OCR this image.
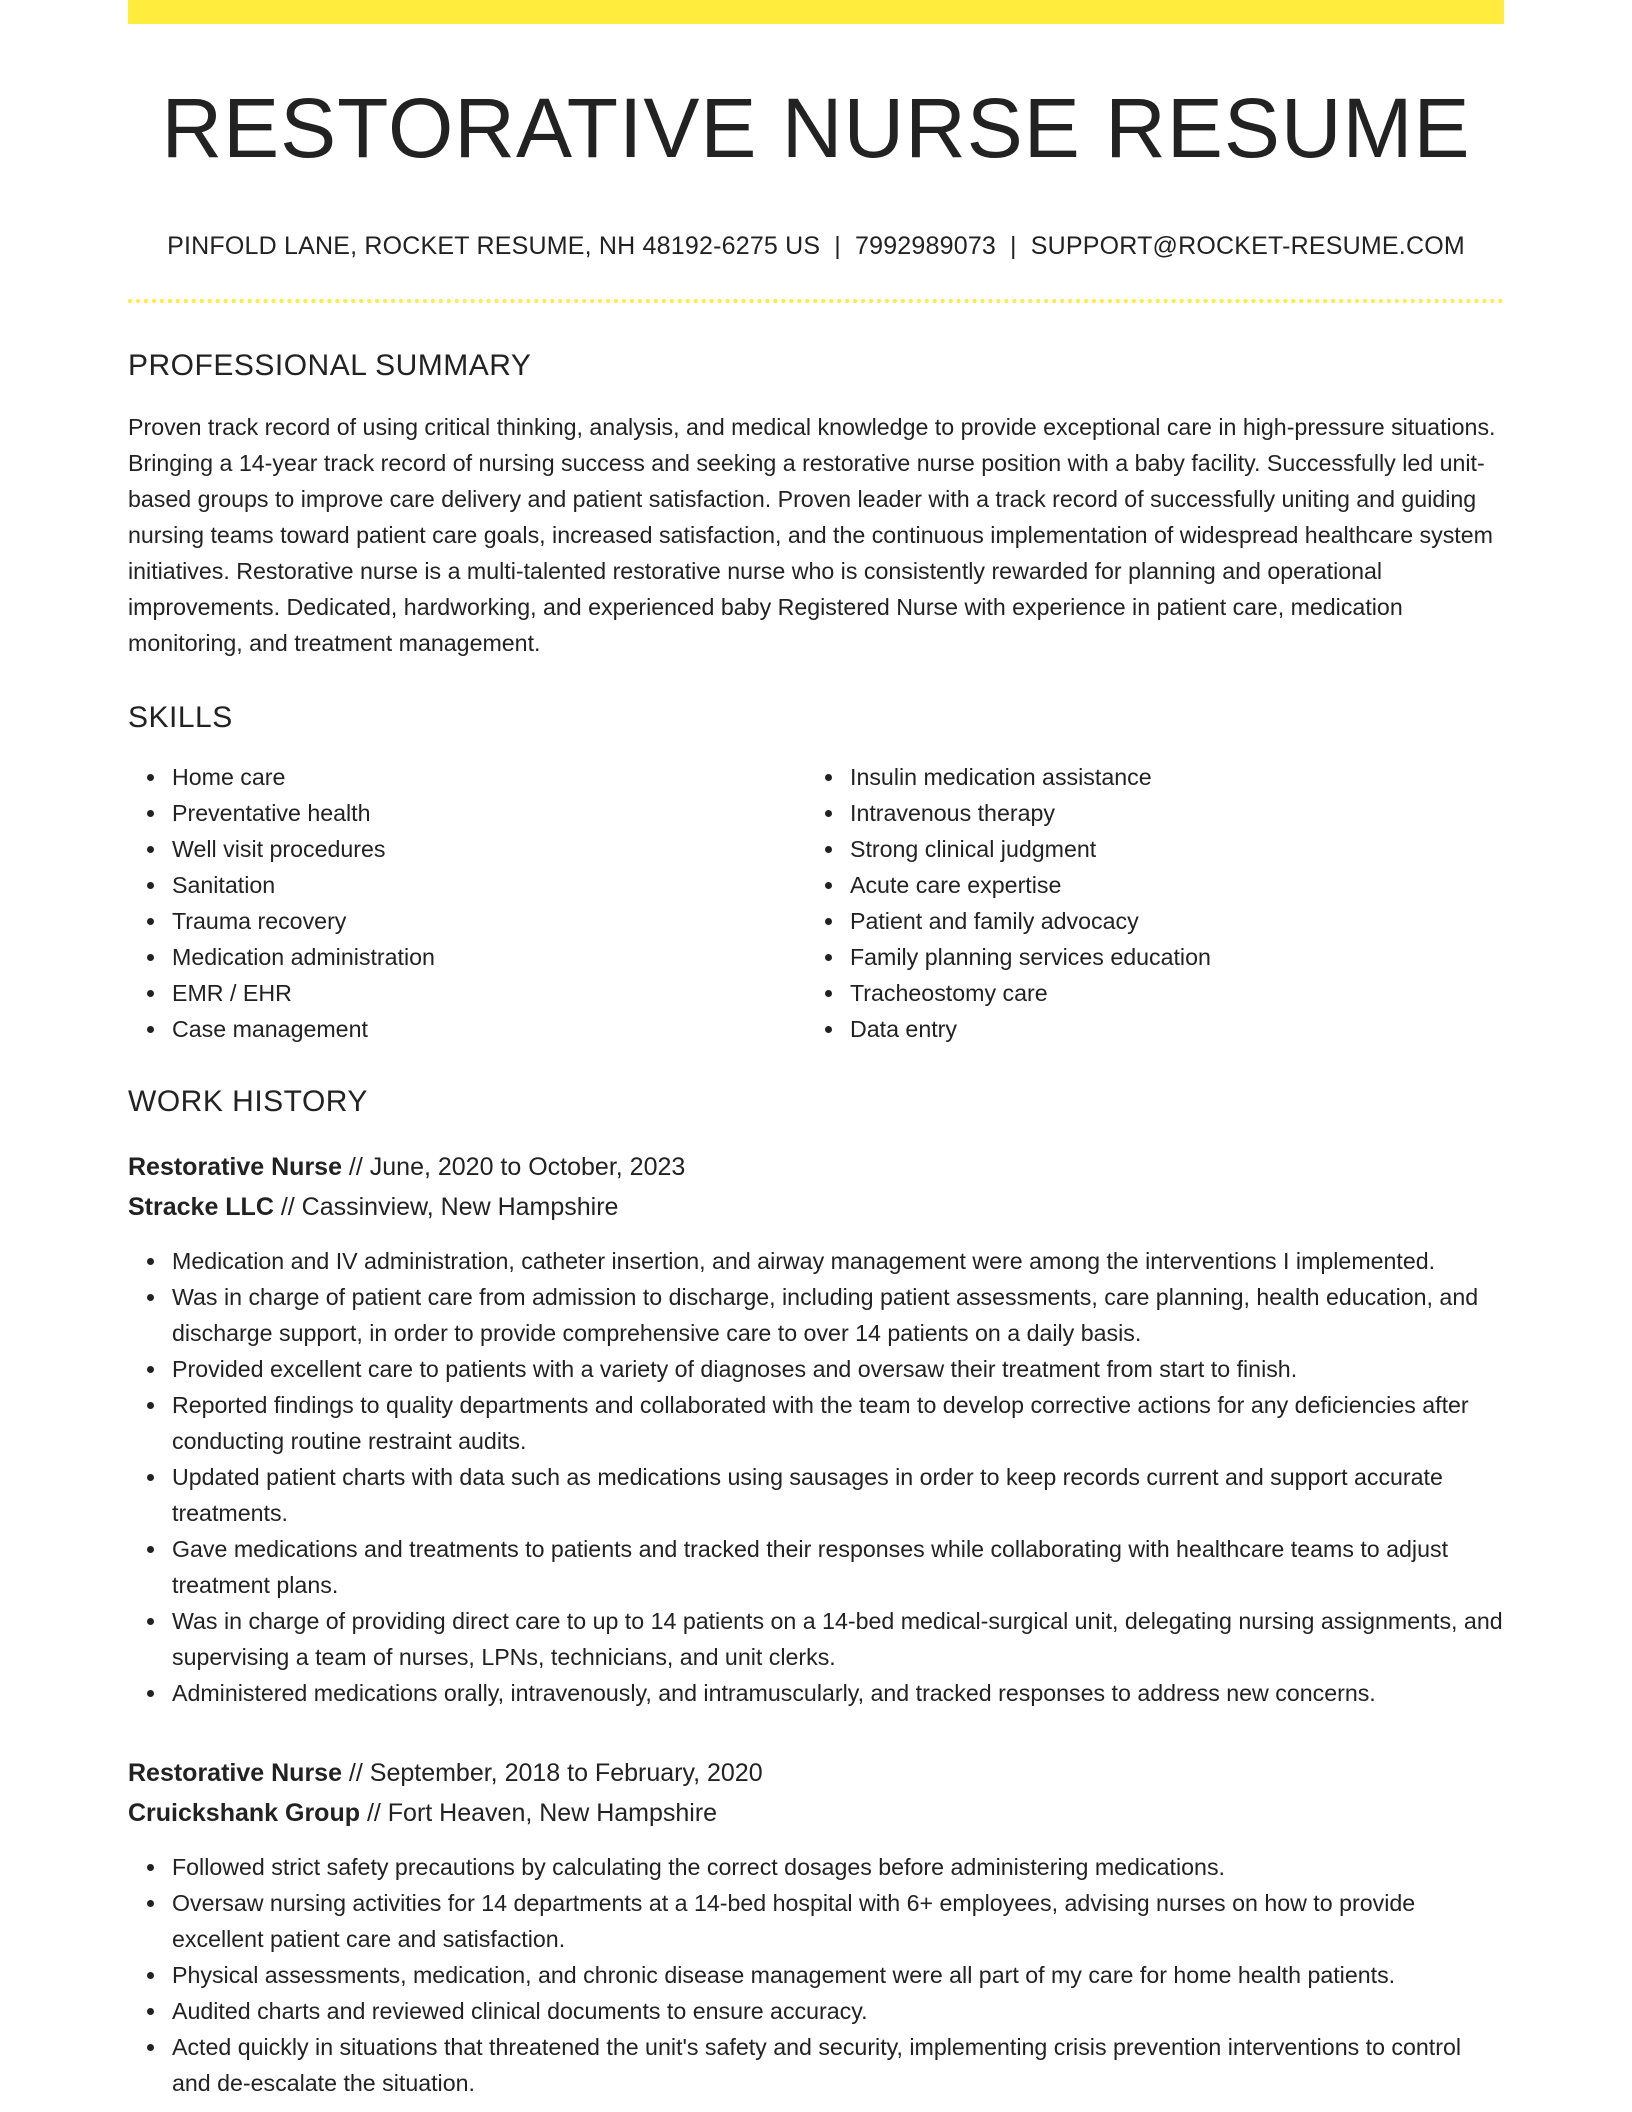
RESTORATIVE NURSE RESUME
PINFOLD LANE, ROCKET RESUME, NH 48192-6275 US | 7992989073 | SUPPORT@ROCKET-RESUME.COM
PROFESSIONAL SUMMARY
Proven track record of using critical thinking, analysis, and medical knowledge to provide exceptional care in high-pressure situations. Bringing a 14-year track record of nursing success and seeking a restorative nurse position with a baby facility. Successfully led unit-based groups to improve care delivery and patient satisfaction. Proven leader with a track record of successfully uniting and guiding nursing teams toward patient care goals, increased satisfaction, and the continuous implementation of widespread healthcare system initiatives. Restorative nurse is a multi-talented restorative nurse who is consistently rewarded for planning and operational improvements. Dedicated, hardworking, and experienced baby Registered Nurse with experience in patient care, medication monitoring, and treatment management.
SKILLS
Home care
Preventative health
Well visit procedures
Sanitation
Trauma recovery
Medication administration
EMR / EHR
Case management
Insulin medication assistance
Intravenous therapy
Strong clinical judgment
Acute care expertise
Patient and family advocacy
Family planning services education
Tracheostomy care
Data entry
WORK HISTORY
Restorative Nurse // June, 2020 to October, 2023
Stracke LLC // Cassinview, New Hampshire
Medication and IV administration, catheter insertion, and airway management were among the interventions I implemented.
Was in charge of patient care from admission to discharge, including patient assessments, care planning, health education, and discharge support, in order to provide comprehensive care to over 14 patients on a daily basis.
Provided excellent care to patients with a variety of diagnoses and oversaw their treatment from start to finish.
Reported findings to quality departments and collaborated with the team to develop corrective actions for any deficiencies after conducting routine restraint audits.
Updated patient charts with data such as medications using sausages in order to keep records current and support accurate treatments.
Gave medications and treatments to patients and tracked their responses while collaborating with healthcare teams to adjust treatment plans.
Was in charge of providing direct care to up to 14 patients on a 14-bed medical-surgical unit, delegating nursing assignments, and supervising a team of nurses, LPNs, technicians, and unit clerks.
Administered medications orally, intravenously, and intramuscularly, and tracked responses to address new concerns.
Restorative Nurse // September, 2018 to February, 2020
Cruickshank Group // Fort Heaven, New Hampshire
Followed strict safety precautions by calculating the correct dosages before administering medications.
Oversaw nursing activities for 14 departments at a 14-bed hospital with 6+ employees, advising nurses on how to provide excellent patient care and satisfaction.
Physical assessments, medication, and chronic disease management were all part of my care for home health patients.
Audited charts and reviewed clinical documents to ensure accuracy.
Acted quickly in situations that threatened the unit's safety and security, implementing crisis prevention interventions to control and de-escalate the situation.
